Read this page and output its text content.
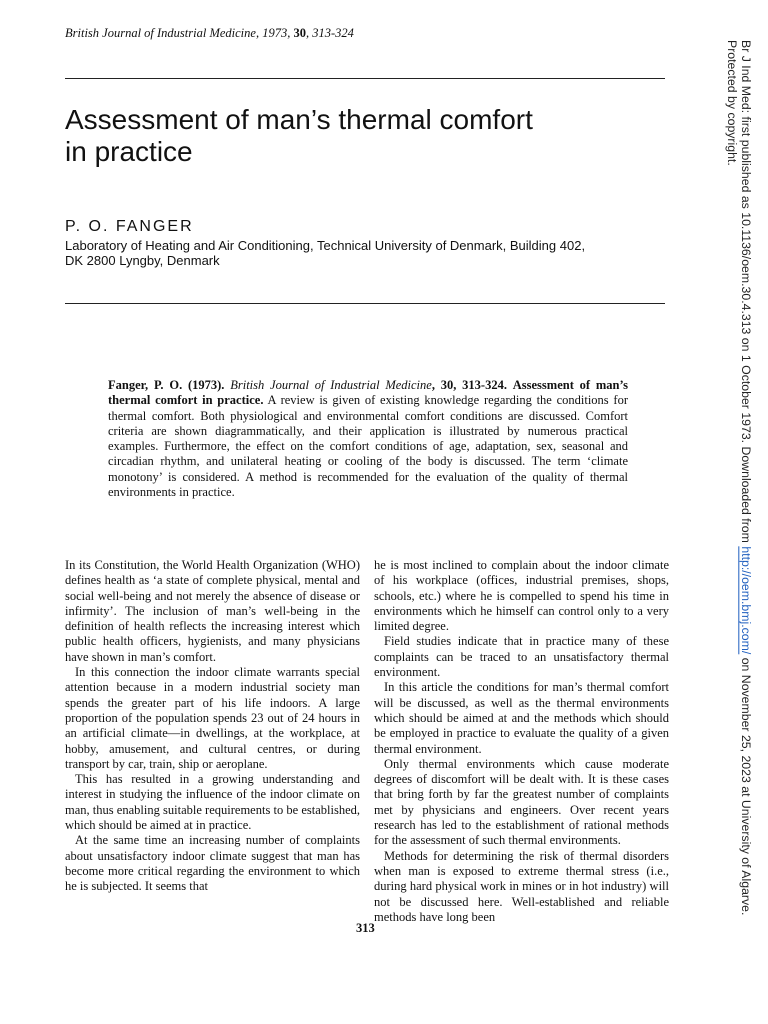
British Journal of Industrial Medicine, 1973, 30, 313-324
Assessment of man’s thermal comfort
in practice
P. O. FANGER
Laboratory of Heating and Air Conditioning, Technical University of Denmark, Building 402,
DK 2800 Lyngby, Denmark

Fanger, P. O. (1973). British Journal of Industrial Medicine, 30, 313-324. Assessment of man’s thermal comfort in practice. A review is given of existing knowledge regarding the conditions for thermal comfort. Both physiological and environmental comfort conditions are discussed. Comfort criteria are shown diagrammatically, and their application is illustrated by numerous practical examples. Furthermore, the effect on the comfort conditions of age, adaptation, sex, seasonal and circadian rhythm, and unilateral heating or cooling of the body is discussed. The term ‘climate monotony’ is considered. A method is recommended for the evaluation of the quality of thermal environments in practice.

In its Constitution, the World Health Organization (WHO) defines health as ‘a state of complete physical, mental and social well-being and not merely the absence of disease or infirmity’. The inclusion of man’s well-being in the definition of health reflects the increasing interest which public health officers, hygienists, and many physicians have shown in man’s comfort.

In this connection the indoor climate warrants special attention because in a modern industrial society man spends the greater part of his life indoors. A large proportion of the population spends 23 out of 24 hours in an artificial climate—in dwellings, at the workplace, at hobby, amusement, and cultural centres, or during transport by car, train, ship or aeroplane.

This has resulted in a growing understanding and interest in studying the influence of the indoor climate on man, thus enabling suitable requirements to be established, which should be aimed at in practice.

At the same time an increasing number of complaints about unsatisfactory indoor climate suggest that man has become more critical regarding the environment to which he is subjected. It seems that

he is most inclined to complain about the indoor climate of his workplace (offices, industrial premises, shops, schools, etc.) where he is compelled to spend his time in environments which he himself can control only to a very limited degree.

Field studies indicate that in practice many of these complaints can be traced to an unsatisfactory thermal environment.

In this article the conditions for man’s thermal comfort will be discussed, as well as the thermal environments which should be aimed at and the methods which should be employed in practice to evaluate the quality of a given thermal environment.

Only thermal environments which cause moderate degrees of discomfort will be dealt with. It is these cases that bring forth by far the greatest number of complaints met by physicians and engineers. Over recent years research has led to the establishment of rational methods for the assessment of such thermal environments.

Methods for determining the risk of thermal disorders when man is exposed to extreme thermal stress (i.e., during hard physical work in mines or in hot industry) will not be discussed here. Well-established and reliable methods have long been

313
Br J Ind Med: first published as 10.1136/oem.30.4.313 on 1 October 1973. Downloaded from http://oem.bmj.com/ on November 25, 2023 at University of Algarve.
Protected by copyright.
